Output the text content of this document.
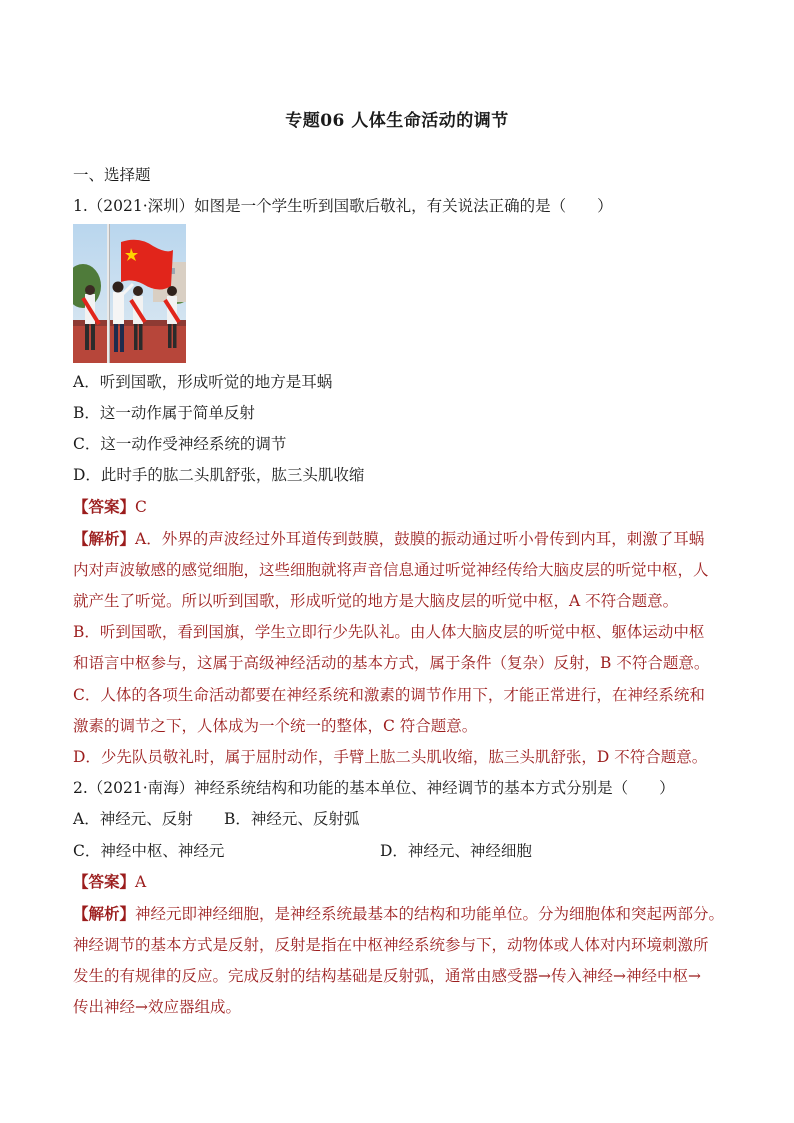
专题06 人体生命活动的调节
一、选择题
1.（2021·深圳）如图是一个学生听到国歌后敬礼，有关说法正确的是（　　）
A．听到国歌，形成听觉的地方是耳蜗
B．这一动作属于简单反射
C．这一动作受神经系统的调节
D．此时手的肱二头肌舒张，肱三头肌收缩
【答案】C
【解析】A．外界的声波经过外耳道传到鼓膜，鼓膜的振动通过听小骨传到内耳，刺激了耳蜗
内对声波敏感的感觉细胞，这些细胞就将声音信息通过听觉神经传给大脑皮层的听觉中枢，人
就产生了听觉。所以听到国歌，形成听觉的地方是大脑皮层的听觉中枢，A 不符合题意。
B．听到国歌，看到国旗，学生立即行少先队礼。由人体大脑皮层的听觉中枢、躯体运动中枢
和语言中枢参与，这属于高级神经活动的基本方式，属于条件（复杂）反射，B 不符合题意。
C．人体的各项生命活动都要在神经系统和激素的调节作用下，才能正常进行，在神经系统和
激素的调节之下，人体成为一个统一的整体，C 符合题意。
D．少先队员敬礼时，属于屈肘动作，手臂上肱二头肌收缩，肱三头肌舒张，D 不符合题意。
2.（2021·南海）神经系统结构和功能的基本单位、神经调节的基本方式分别是（　　）
A．神经元、反射 B．神经元、反射弧
C．神经中枢、神经元	D．神经元、神经细胞
【答案】A
【解析】神经元即神经细胞，是神经系统最基本的结构和功能单位。分为细胞体和突起两部分。
神经调节的基本方式是反射，反射是指在中枢神经系统参与下，动物体或人体对内环境刺激所
发生的有规律的反应。完成反射的结构基础是反射弧，通常由感受器→传入神经→神经中枢→
传出神经→效应器组成。
